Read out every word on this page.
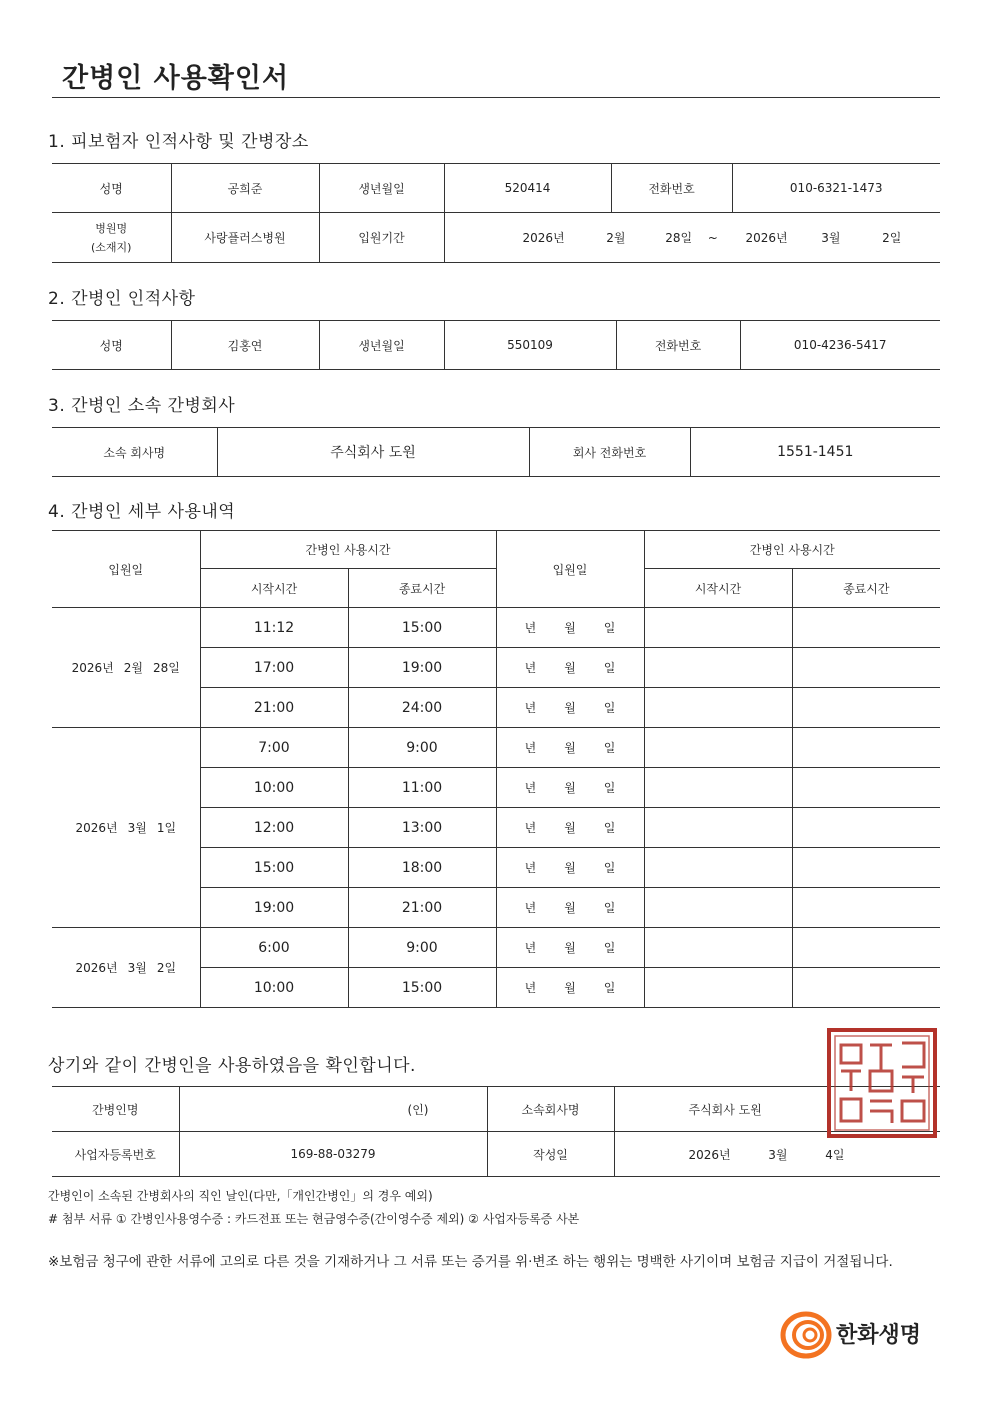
간병인 사용확인서
1. 피보험자 인적사항 및 간병장소
성명	공희준	생년월일	520414	전화번호	010-6321-1473

병원명
(소재지)	사랑플러스병원	입원기간	2026년 2월 28일 ~ 2026년 3월 2일		
2. 간병인 인적사항
성명	김홍연	생년월일	550109	전화번호	010-4236-5417
3. 간병인 소속 간병회사
소속 회사명	주식회사 도원	회사 전화번호	1551-1451
4. 간병인 세부 사용내역
입원일	간병인 사용시간		입원일	간병인 사용시간	
	시작시간	종료시간		시작시간	종료시간
2026년 2월 28일	11:12	15:00	년 월 일		
	17:00	19:00	년 월 일		
	21:00	24:00	년 월 일		
2026년 3월 1일	7:00	9:00	년 월 일		
	10:00	11:00	년 월 일		
	12:00	13:00	년 월 일		
	15:00	18:00	년 월 일		
	19:00	21:00	년 월 일		
2026년 3월 2일	6:00	9:00	년 월 일		
	10:00	15:00	년 월 일		
상기와 같이 간병인을 사용하였음을 확인합니다.
간병인명	(인)	소속회사명	주식회사 도원
사업자등록번호	169-88-03279	작성일	2026년 3월 4일
간병인이 소속된 간병회사의 직인 날인(다만,「개인간병인」의 경우 예외)
# 첨부 서류 ① 간병인사용영수증 : 카드전표 또는 현금영수증(간이영수증 제외) ② 사업자등록증 사본
※보험금 청구에 관한 서류에 고의로 다른 것을 기재하거나 그 서류 또는 증거를 위·변조 하는 행위는 명백한 사기이며 보험금 지급이 거절됩니다.
한화생명
